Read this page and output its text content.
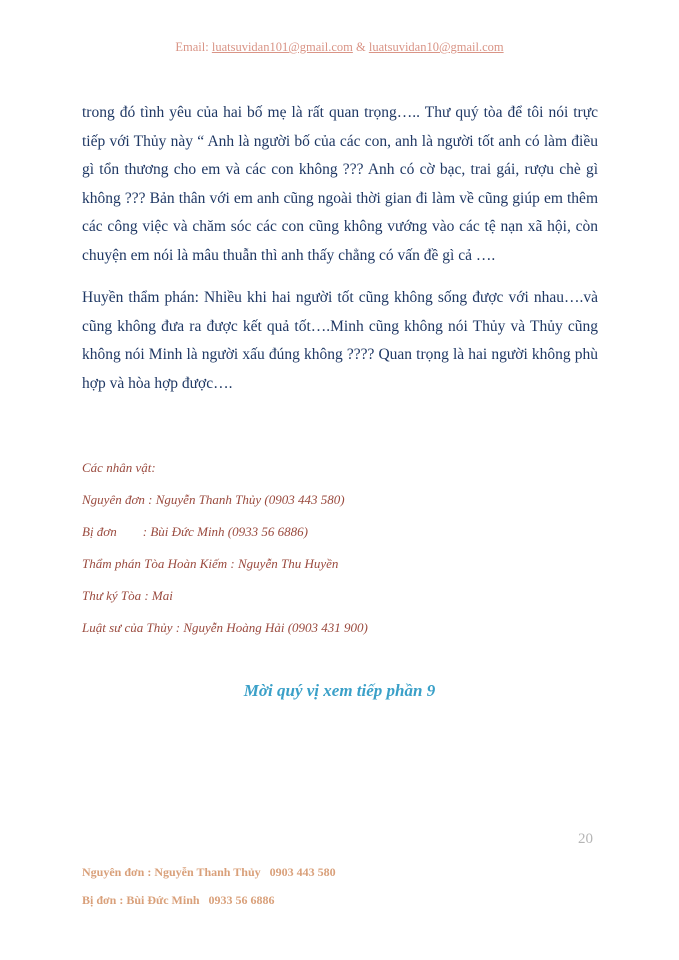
Email: luatsuvidan101@gmail.com & luatsuvidan10@gmail.com

trong đó tình yêu của hai bố mẹ là rất quan trọng….. Thư quý tòa để tôi nói trực tiếp với Thủy này “ Anh là người bố của các con, anh là người tốt anh có làm điều gì tổn thương cho em và các con không ??? Anh có cờ bạc, trai gái, rượu chè gì không ??? Bản thân với em anh cũng ngoài thời gian đi làm về cũng giúp em thêm các công việc và chăm sóc các con cũng không vướng vào các tệ nạn xã hội, còn chuyện em nói là mâu thuẫn thì anh thấy chẳng có vấn đề gì cả ….

Huyền thẩm phán: Nhiều khi hai người tốt cũng không sống được với nhau….và cũng không đưa ra được kết quả tốt….Minh cũng không nói Thủy và Thủy cũng không nói Minh là người xấu đúng không ???? Quan trọng là hai người không phù hợp và hòa hợp được….

Các nhân vật:
Nguyên đơn : Nguyễn Thanh Thủy (0903 443 580)
Bị đơn        : Bùi Đức Minh (0933 56 6886)
Thẩm phán Tòa Hoàn Kiếm : Nguyễn Thu Huyền
Thư ký Tòa : Mai
Luật sư của Thủy : Nguyễn Hoàng Hải (0903 431 900)
Mời quý vị xem tiếp phần 9
20
Nguyên đơn : Nguyễn Thanh Thủy   0903 443 580
Bị đơn : Bùi Đức Minh   0933 56 6886
